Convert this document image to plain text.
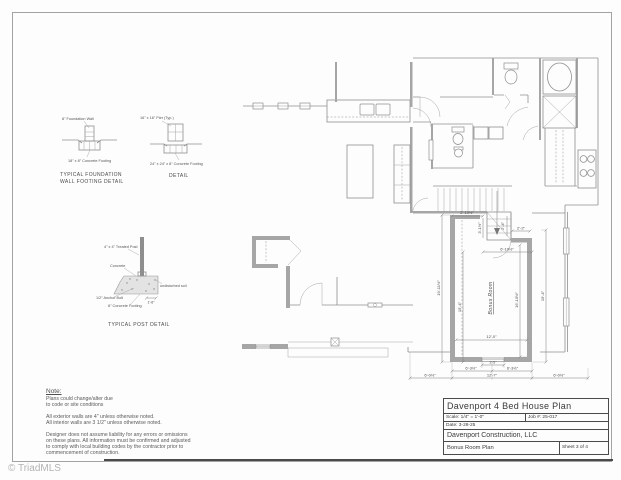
8" Foundation Wall
18" x 8" Concrete Footing
TYPICAL FOUNDATION
WALL FOOTING DETAIL
16" x 16" Pier (Typ.)
24" x 24" x 8" Concrete Footing
DETAIL
4" x 4" Treated Post
Concrete
1/2" Anchor Bolt
8" Concrete Footing
undisturbed soil
1'-6"
TYPICAL POST DETAIL
Bonus Room
2'-10½"
3'-1½"	2'-4"
6'-10½"
2'-2"
19'-11½"
15'-4"	16'-10½"	19'-4"
12'-0"
2'-5"
6'-3½"	6'-3½"
6'-0½"	12'-7"	6'-0½"
Note:
Plans could change/alter due
to code or site conditions
All exterior walls are 4" unless otherwise noted.
All interior walls are 3 1/2" unless otherwise noted.
Designer does not assume liability for any errors or omissions
on these plans. All information must be confirmed and adjusted
to comply with local building codes by the contractor prior to
commencement of construction.
Davenport 4 Bed House Plan
Scale: 1/4" = 1'-0"	Job #: 25-017
Date: 3-28-25
Davenport Construction, LLC
Bonus Room Plan	Sheet 3 of 4
© TriadMLS
